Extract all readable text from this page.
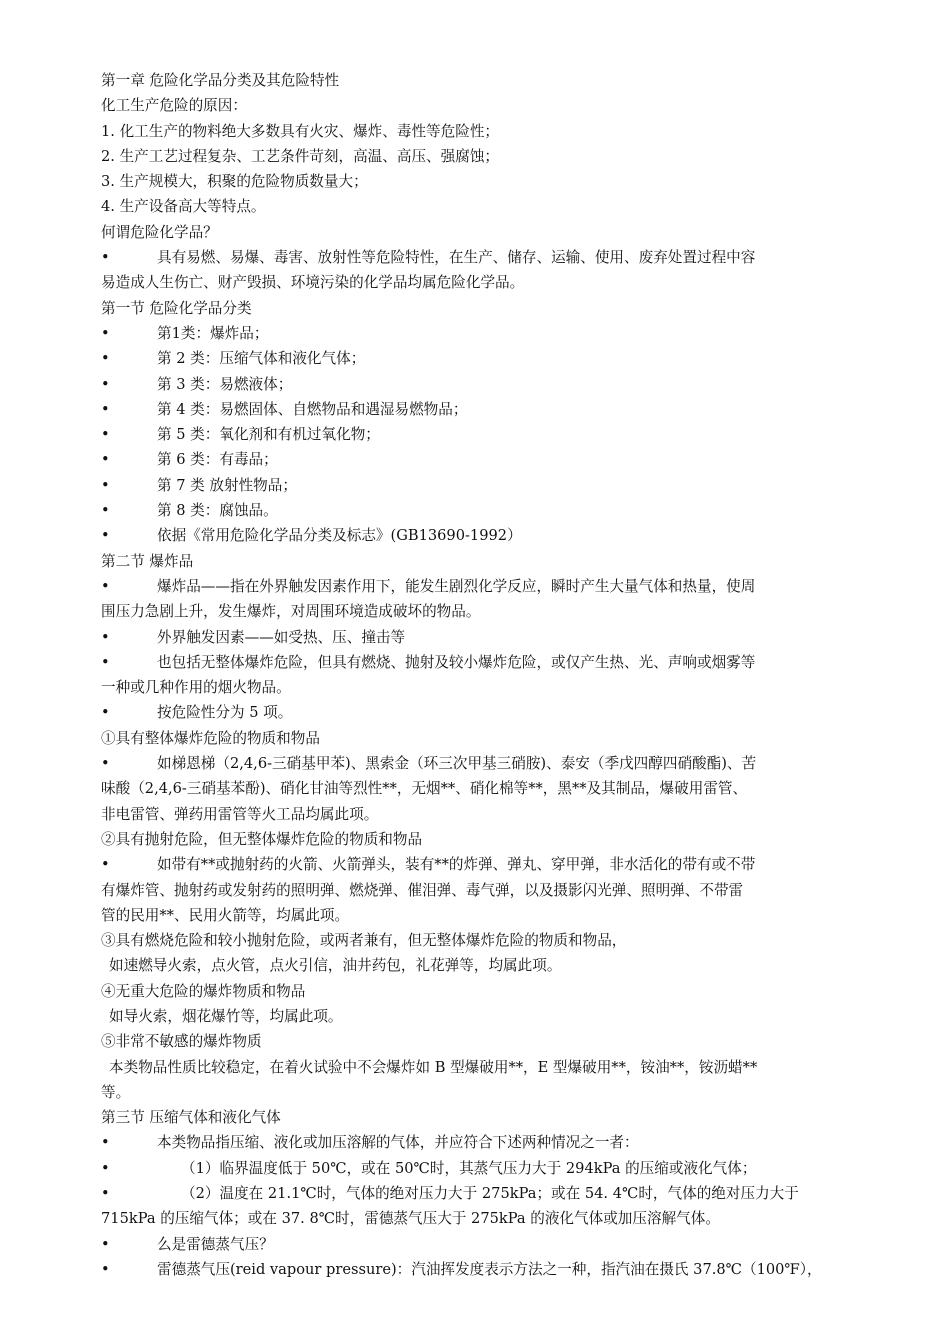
第一章 危险化学品分类及其危险特性
化工生产危险的原因：
1. 化工生产的物料绝大多数具有火灾、爆炸、毒性等危险性；
2. 生产工艺过程复杂、工艺条件苛刻，高温、高压、强腐蚀；
3. 生产规模大，积聚的危险物质数量大；
4. 生产设备高大等特点。
何谓危险化学品？
•	具有易燃、易爆、毒害、放射性等危险特性，在生产、储存、运输、使用、废弃处置过程中容
易造成人生伤亡、财产毁损、环境污染的化学品均属危险化学品。
第一节 危险化学品分类
•	第1类：爆炸品；
•	第 2 类：压缩气体和液化气体；
•	第 3 类：易燃液体；
•	第 4 类：易燃固体、自燃物品和遇湿易燃物品；
•	第 5 类：氧化剂和有机过氧化物；
•	第 6 类：有毒品；
•	第 7 类 放射性物品；
•	第 8 类：腐蚀品。
•	依据《常用危险化学品分类及标志》(GB13690-1992）
第二节 爆炸品
•	爆炸品——指在外界触发因素作用下，能发生剧烈化学反应，瞬时产生大量气体和热量，使周
围压力急剧上升，发生爆炸，对周围环境造成破坏的物品。
•	外界触发因素——如受热、压、撞击等
•	也包括无整体爆炸危险，但具有燃烧、抛射及较小爆炸危险，或仅产生热、光、声响或烟雾等
一种或几种作用的烟火物品。
•	按危险性分为 5 项。
①具有整体爆炸危险的物质和物品
•	如梯恩梯（2,4,6-三硝基甲苯)、黑索金（环三次甲基三硝胺)、泰安（季戊四醇四硝酸酯)、苦
味酸（2,4,6-三硝基苯酚)、硝化甘油等烈性**，无烟**、硝化棉等**，黑**及其制品，爆破用雷管、
非电雷管、弹药用雷管等火工品均属此项。
②具有抛射危险，但无整体爆炸危险的物质和物品
•	如带有**或抛射药的火箭、火箭弹头，装有**的炸弹、弹丸、穿甲弹，非水活化的带有或不带
有爆炸管、抛射药或发射药的照明弹、燃烧弹、催泪弹、毒气弹，以及摄影闪光弹、照明弹、不带雷
管的民用**、民用火箭等，均属此项。
③具有燃烧危险和较小抛射危险，或两者兼有，但无整体爆炸危险的物质和物品，
如速燃导火索，点火管，点火引信，油井药包，礼花弹等，均属此项。
④无重大危险的爆炸物质和物品
如导火索，烟花爆竹等，均属此项。
⑤非常不敏感的爆炸物质
本类物品性质比较稳定，在着火试验中不会爆炸如 B 型爆破用**，E 型爆破用**，铵油**，铵沥蜡**
等。
第三节 压缩气体和液化气体
•	本类物品指压缩、液化或加压溶解的气体，并应符合下述两种情况之一者：
•	（1）临界温度低于 50℃，或在 50℃时，其蒸气压力大于 294kPa 的压缩或液化气体；
•	（2）温度在 21.1℃时，气体的绝对压力大于 275kPa；或在 54. 4℃时，气体的绝对压力大于
715kPa 的压缩气体；或在 37. 8℃时，雷德蒸气压大于 275kPa 的液化气体或加压溶解气体。
•	么是雷德蒸气压？
•	雷德蒸气压(reid vapour pressure)：汽油挥发度表示方法之一种，指汽油在摄氏 37.8℃（100℉），
